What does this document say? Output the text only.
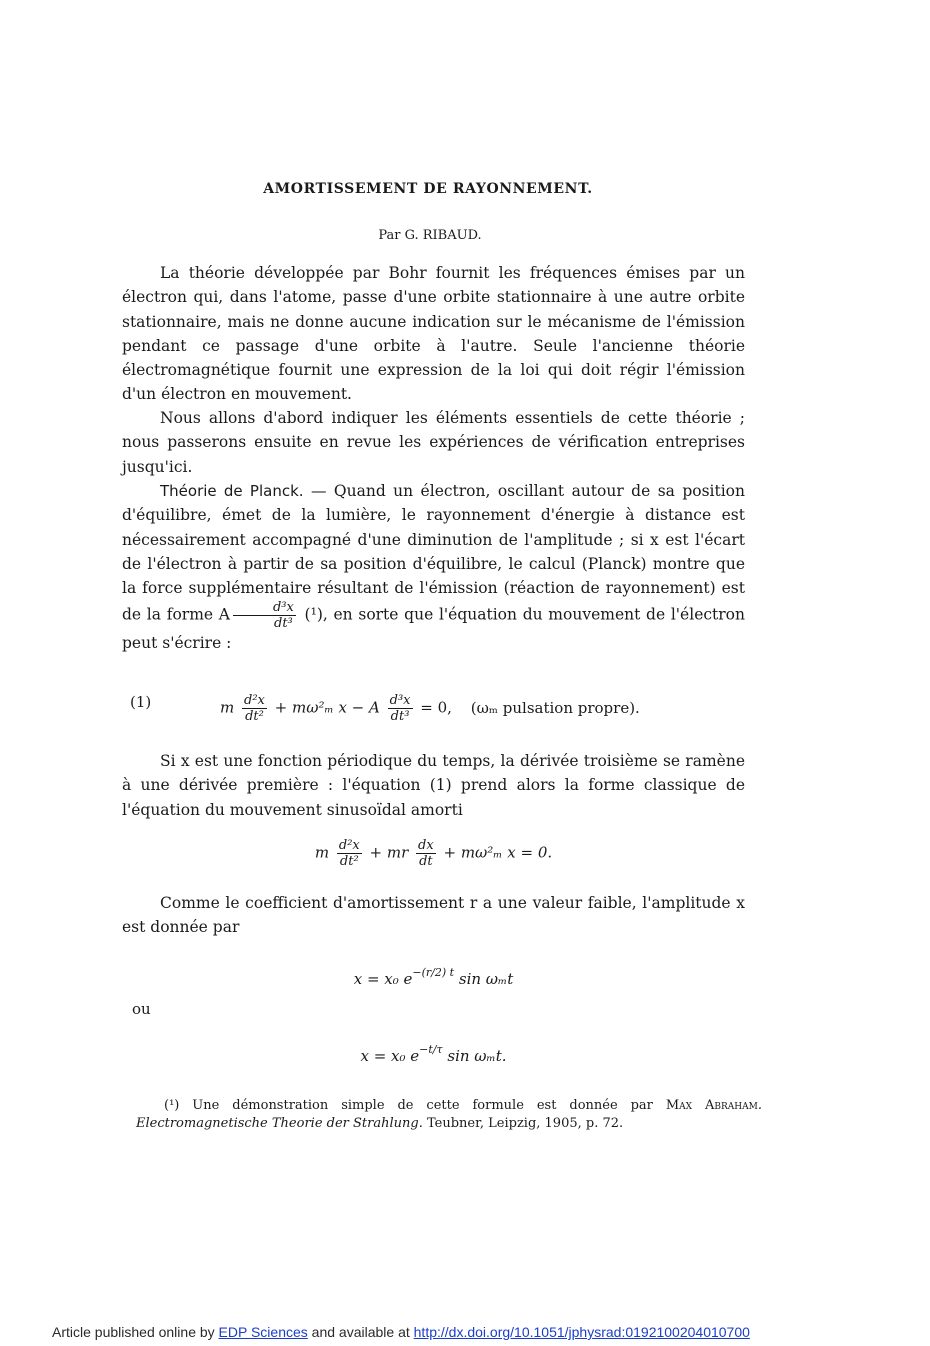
AMORTISSEMENT DE RAYONNEMENT.
Par G. RIBAUD.
La théorie développée par Bohr fournit les fréquences émises par un électron qui, dans l'atome, passe d'une orbite stationnaire à une autre orbite stationnaire, mais ne donne aucune indication sur le mécanisme de l'émission pendant ce passage d'une orbite à l'autre. Seule l'ancienne théorie électromagnétique fournit une expression de la loi qui doit régir l'émission d'un électron en mouvement.
Nous allons d'abord indiquer les éléments essentiels de cette théorie ; nous passerons ensuite en revue les expériences de vérification entreprises jusqu'ici.
Théorie de Planck. — Quand un électron, oscillant autour de sa position d'équilibre, émet de la lumière, le rayonnement d'énergie à distance est nécessairement accompagné d'une diminution de l'amplitude ; si x est l'écart de l'électron à partir de sa position d'équilibre, le calcul (Planck) montre que la force supplémentaire résultant de l'émission (réaction de rayonnement) est de la forme A $\frac{\text{d³x}}{\text{dt³}} (^1)$, en sorte que l'équation du mouvement de l'électron peut s'écrire :
(1)	m $\frac{\text{d²x}}{\text{dt²}} + m\omega^2_m$ x − A $\frac{\text{d³x}}{\text{dt³}} = 0$, (ωₘ pulsation propre).
Si x est une fonction périodique du temps, la dérivée troisième se ramène à une dérivée première : l'équation (1) prend alors la forme classique de l'équation du mouvement sinusoïdal amorti
m $\frac{\text{d²x}}{\text{dt²}}$ + mr $\frac{dx}{dt} + m\omega^2_m$ x = 0.
Comme le coefficient d'amortissement r a une valeur faible, l'amplitude x est donnée par
x = x₀ $e^{-(r/2) t}$ sin ωₘt
ou
x = x₀ $e^{-t/\tau}$ sin ωₘt.
(¹) Une démonstration simple de cette formule est donnée par Max Abraham. Electromagnetische Theorie der Strahlung. Teubner, Leipzig, 1905, p. 72.
Article published online by EDP Sciences and available at http://dx.doi.org/10.1051/jphysrad:0192100204010700
